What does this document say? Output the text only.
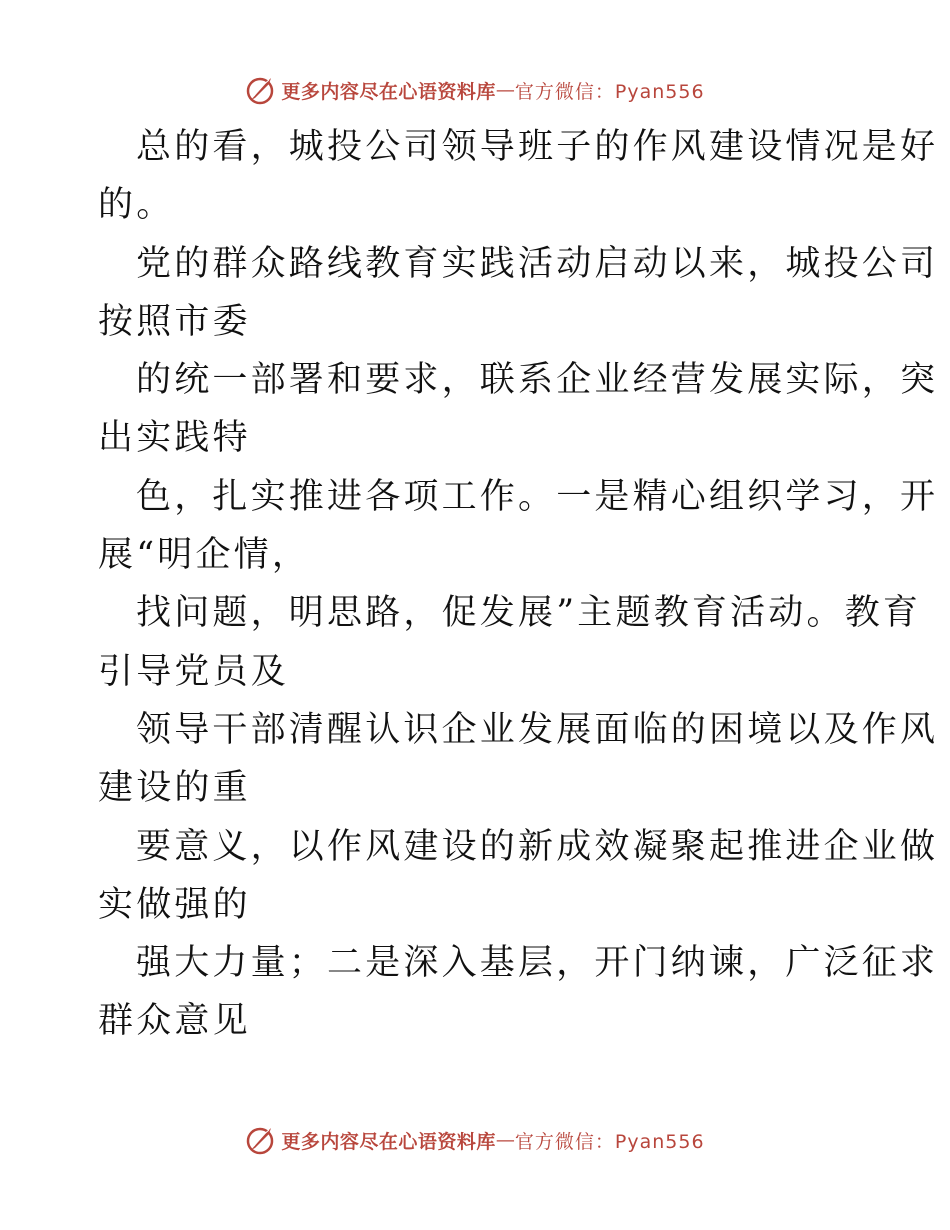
更多内容尽在心语资料库 — 官方微信：Pyan556
总的看，城投公司领导班子的作风建设情况是好
的。
党的群众路线教育实践活动启动以来，城投公司
按照市委
的统一部署和要求，联系企业经营发展实际，突
出实践特
色，扎实推进各项工作。一是精心组织学习，开
展“明企情，
找问题，明思路，促发展”主题教育活动。教育
引导党员及
领导干部清醒认识企业发展面临的困境以及作风
建设的重
要意义，以作风建设的新成效凝聚起推进企业做
实做强的
强大力量；二是深入基层，开门纳谏，广泛征求
群众意见
更多内容尽在心语资料库 — 官方微信：Pyan556
